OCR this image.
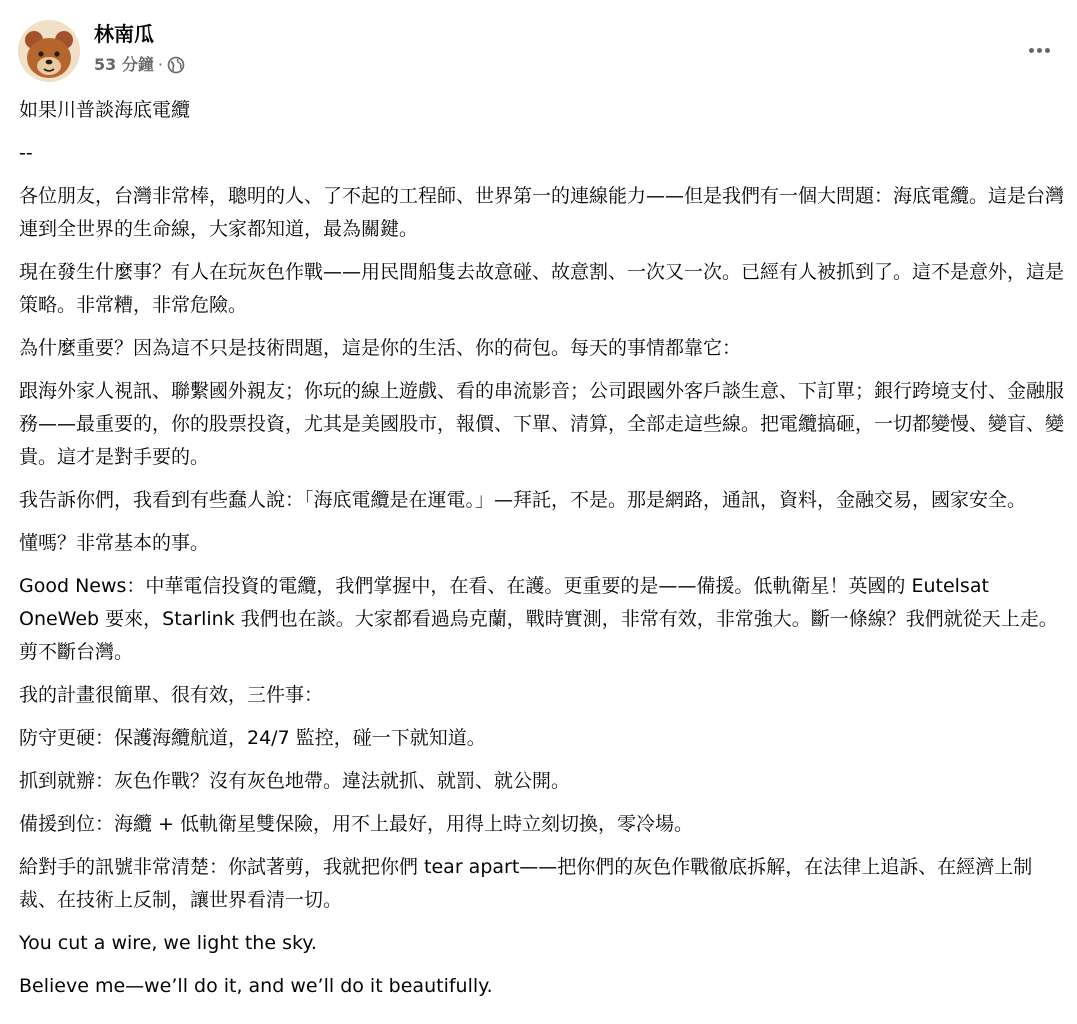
林南瓜
53 分鐘 ·

如果川普談海底電纜

--

各位朋友，台灣非常棒，聰明的人、了不起的工程師、世界第一的連線能力——但是我們有一個大問題：海底電纜。這是台灣連到全世界的生命線，大家都知道，最為關鍵。

現在發生什麼事？有人在玩灰色作戰——用民間船隻去故意碰、故意割、一次又一次。已經有人被抓到了。這不是意外，這是策略。非常糟，非常危險。

為什麼重要？因為這不只是技術問題，這是你的生活、你的荷包。每天的事情都靠它：

跟海外家人視訊、聯繫國外親友；你玩的線上遊戲、看的串流影音；公司跟國外客戶談生意、下訂單；銀行跨境支付、金融服務——最重要的，你的股票投資，尤其是美國股市，報價、下單、清算，全部走這些線。把電纜搞砸，一切都變慢、變盲、變貴。這才是對手要的。

我告訴你們，我看到有些蠢人說：「海底電纜是在運電。」—拜託，不是。那是網路，通訊，資料，金融交易，國家安全。

懂嗎？非常基本的事。

Good News：中華電信投資的電纜，我們掌握中，在看、在護。更重要的是——備援。低軌衛星！英國的 Eutelsat OneWeb 要來，Starlink 我們也在談。大家都看過烏克蘭，戰時實測，非常有效，非常強大。斷一條線？我們就從天上走。剪不斷台灣。

我的計畫很簡單、很有效，三件事：

防守更硬：保護海纜航道，24/7 監控，碰一下就知道。

抓到就辦：灰色作戰？沒有灰色地帶。違法就抓、就罰、就公開。

備援到位：海纜 + 低軌衛星雙保險，用不上最好，用得上時立刻切換，零冷場。

給對手的訊號非常清楚：你試著剪，我就把你們 tear apart——把你們的灰色作戰徹底拆解，在法律上追訴、在經濟上制裁、在技術上反制，讓世界看清一切。

You cut a wire, we light the sky.

Believe me—we’ll do it, and we’ll do it beautifully.
